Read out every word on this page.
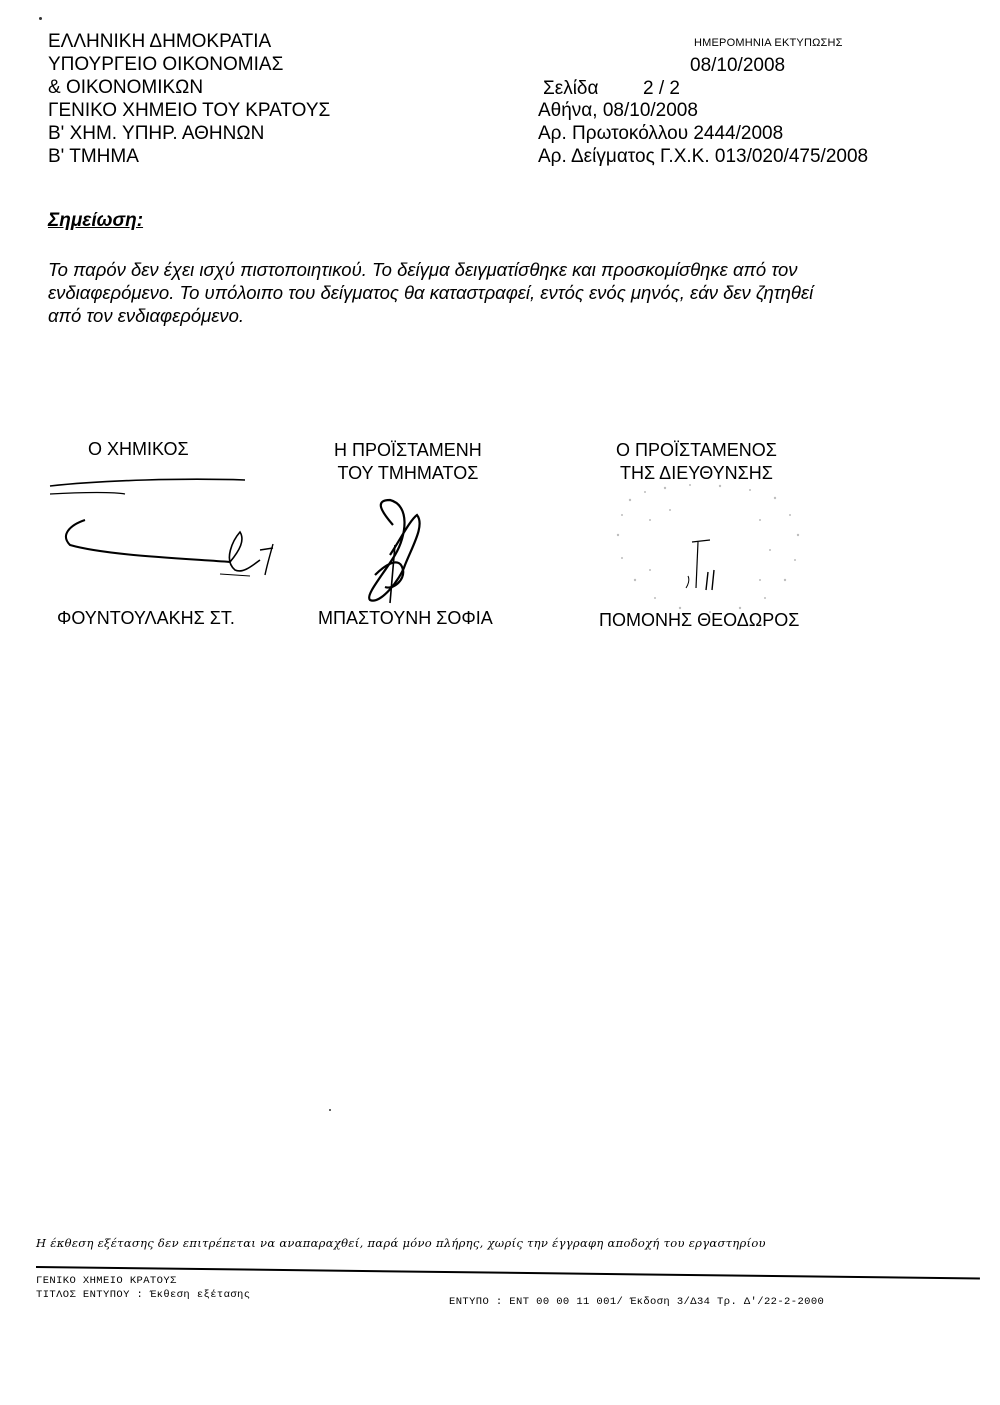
ΕΛΛΗΝΙΚΗ ΔΗΜΟΚΡΑΤΙΑ
ΥΠΟΥΡΓΕΙΟ ΟΙΚΟΝΟΜΙΑΣ
& ΟΙΚΟΝΟΜΙΚΩΝ
ΓΕΝΙΚΟ ΧΗΜΕΙΟ ΤΟΥ ΚΡΑΤΟΥΣ
Β' ΧΗΜ. ΥΠΗΡ. ΑΘΗΝΩΝ
Β' ΤΜΗΜΑ
ΗΜΕΡΟΜΗΝΙΑ ΕΚΤΥΠΩΣΗΣ
08/10/2008
Σελίδα 2 / 2
Αθήνα, 08/10/2008
Αρ. Πρωτοκόλλου 2444/2008
Αρ. Δείγματος Γ.Χ.Κ. 013/020/475/2008
Σημείωση:
Το παρόν δεν έχει ισχύ πιστοποιητικού. Το δείγμα δειγματίσθηκε και προσκομίσθηκε από τον
ενδιαφερόμενο. Το υπόλοιπο του δείγματος θα καταστραφεί, εντός ενός μηνός, εάν δεν ζητηθεί
από τον ενδιαφερόμενο.
Ο ΧΗΜΙΚΟΣ
ΦΟΥΝΤΟΥΛΑΚΗΣ ΣΤ.
Η ΠΡΟΪΣΤΑΜΕΝΗ
ΤΟΥ ΤΜΗΜΑΤΟΣ
ΜΠΑΣΤΟΥΝΗ ΣΟΦΙΑ
Ο ΠΡΟΪΣΤΑΜΕΝΟΣ
ΤΗΣ ΔΙΕΥΘΥΝΣΗΣ
ΠΟΜΟΝΗΣ ΘΕΟΔΩΡΟΣ
Η έκθεση εξέτασης δεν επιτρέπεται να αναπαραχθεί, παρά μόνο πλήρης, χωρίς την έγγραφη αποδοχή του εργαστηρίου
ΓΕΝΙΚΟ ΧΗΜΕΙΟ ΚΡΑΤΟΥΣ
ΤΙΤΛΟΣ ΕΝΤΥΠΟΥ : Έκθεση εξέτασης
ΕΝΤΥΠΟ : ΕΝΤ 00 00 11 001/ Έκδοση 3/Δ34 Τρ. Δ'/22-2-2000
